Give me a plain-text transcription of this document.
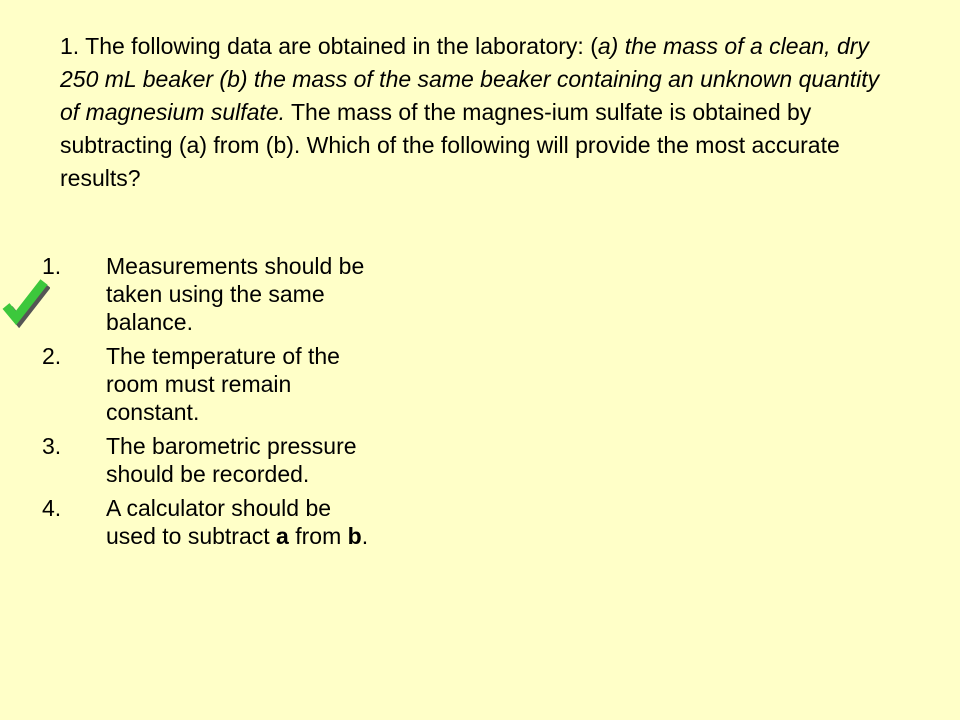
1. The following data are obtained in the laboratory: (a) the mass of a clean, dry 250 mL beaker (b) the mass of the same beaker containing an unknown quantity of magnesium sulfate. The mass of the magnes-ium sulfate is obtained by subtracting (a) from (b). Which of the following will provide the most accurate results?
1.	Measurements should be taken using the same balance.
2.	The temperature of the room must remain constant.
3.	The barometric pressure should be recorded.
4.	A calculator should be used to subtract a from b.
